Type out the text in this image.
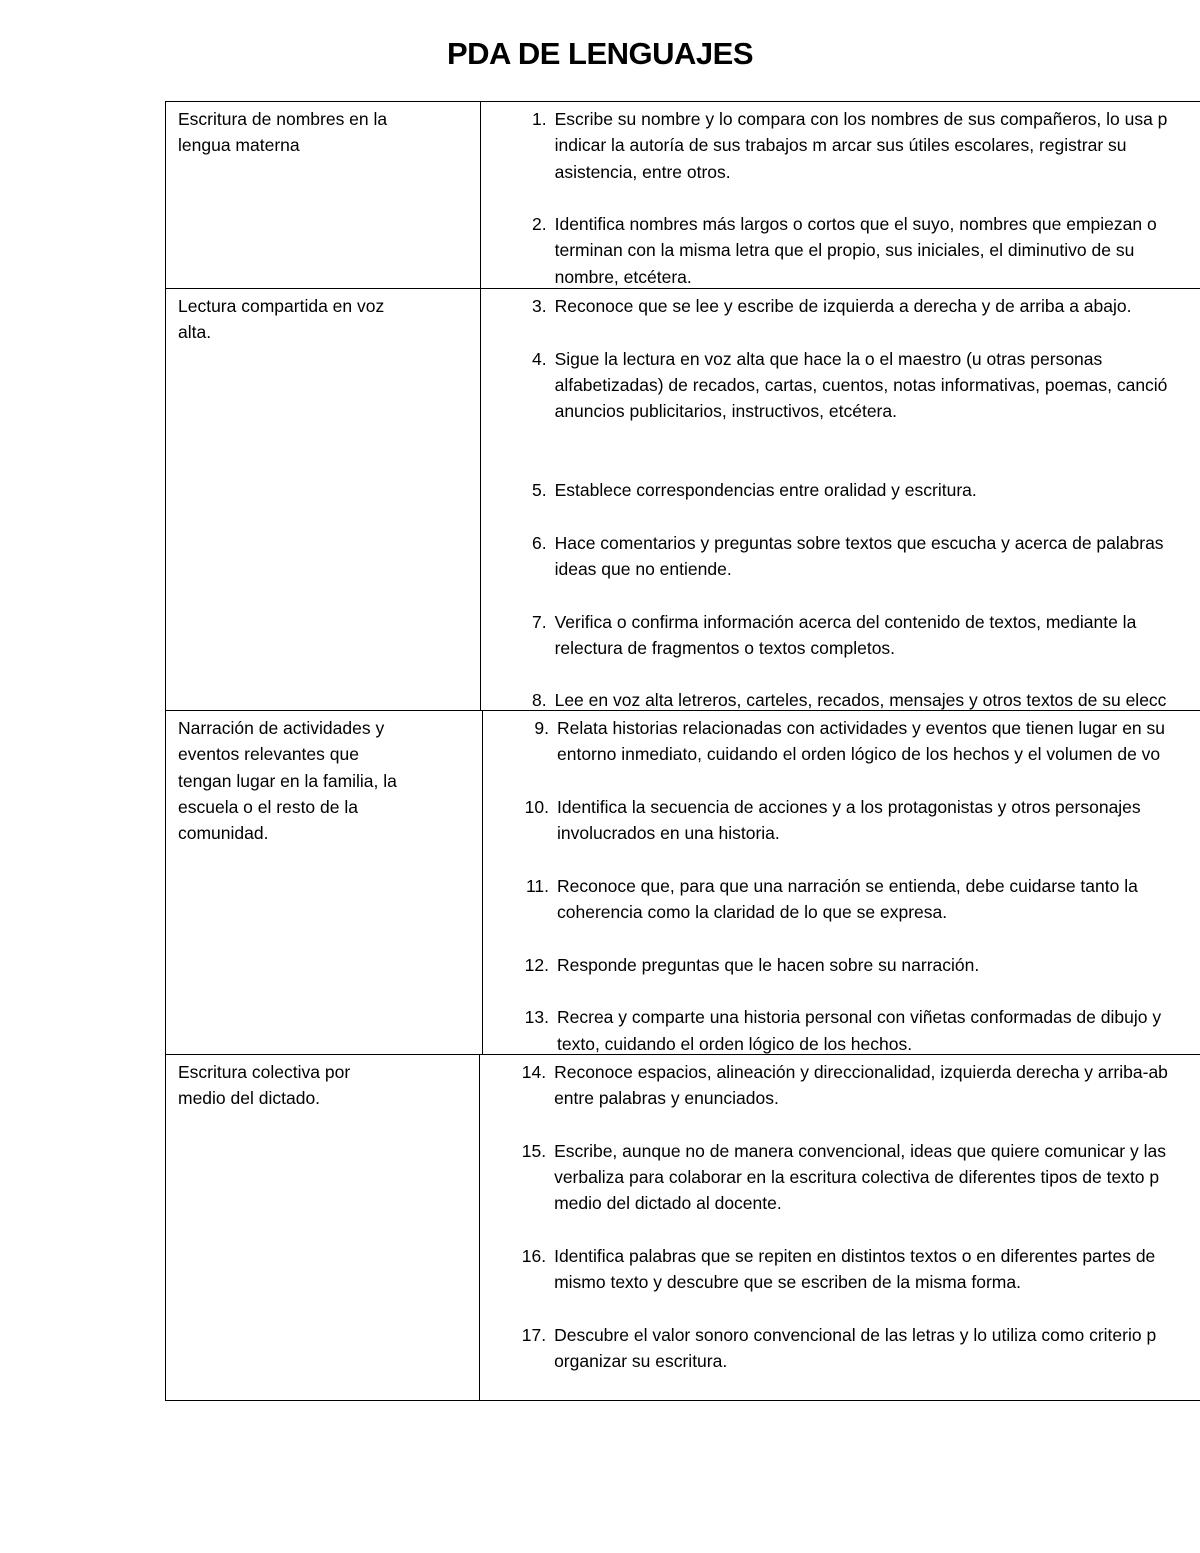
PDA DE LENGUAJES
Escritura de nombres en la
lengua materna
1. Escribe su nombre y lo compara con los nombres de sus compañeros, lo usa p
indicar la autoría de sus trabajos m arcar sus útiles escolares, registrar su
asistencia, entre otros.
2. Identifica nombres más largos o cortos que el suyo, nombres que empiezan o
terminan con la misma letra que el propio, sus iniciales, el diminutivo de su
nombre, etcétera.
Lectura compartida en voz
alta.
3. Reconoce que se lee y escribe de izquierda a derecha y de arriba a abajo.
4. Sigue la lectura en voz alta que hace la o el maestro (u otras personas
alfabetizadas) de recados, cartas, cuentos, notas informativas, poemas, canció
anuncios publicitarios, instructivos, etcétera.
5. Establece correspondencias entre oralidad y escritura.
6. Hace comentarios y preguntas sobre textos que escucha y acerca de palabras
ideas que no entiende.
7. Verifica o confirma información acerca del contenido de textos, mediante la
relectura de fragmentos o textos completos.
8. Lee en voz alta letreros, carteles, recados, mensajes y otros textos de su elecc
Narración de actividades y
eventos relevantes que
tengan lugar en la familia, la
escuela o el resto de la
comunidad.
9. Relata historias relacionadas con actividades y eventos que tienen lugar en su
entorno inmediato, cuidando el orden lógico de los hechos y el volumen de vo
10. Identifica la secuencia de acciones y a los protagonistas y otros personajes
involucrados en una historia.
11. Reconoce que, para que una narración se entienda, debe cuidarse tanto la
coherencia como la claridad de lo que se expresa.
12. Responde preguntas que le hacen sobre su narración.
13. Recrea y comparte una historia personal con viñetas conformadas de dibujo y
texto, cuidando el orden lógico de los hechos.
Escritura colectiva por
medio del dictado.
14. Reconoce espacios, alineación y direccionalidad, izquierda derecha y arriba-ab
entre palabras y enunciados.
15. Escribe, aunque no de manera convencional, ideas que quiere comunicar y las
verbaliza para colaborar en la escritura colectiva de diferentes tipos de texto p
medio del dictado al docente.
16. Identifica palabras que se repiten en distintos textos o en diferentes partes de
mismo texto y descubre que se escriben de la misma forma.
17. Descubre el valor sonoro convencional de las letras y lo utiliza como criterio p
organizar su escritura.
